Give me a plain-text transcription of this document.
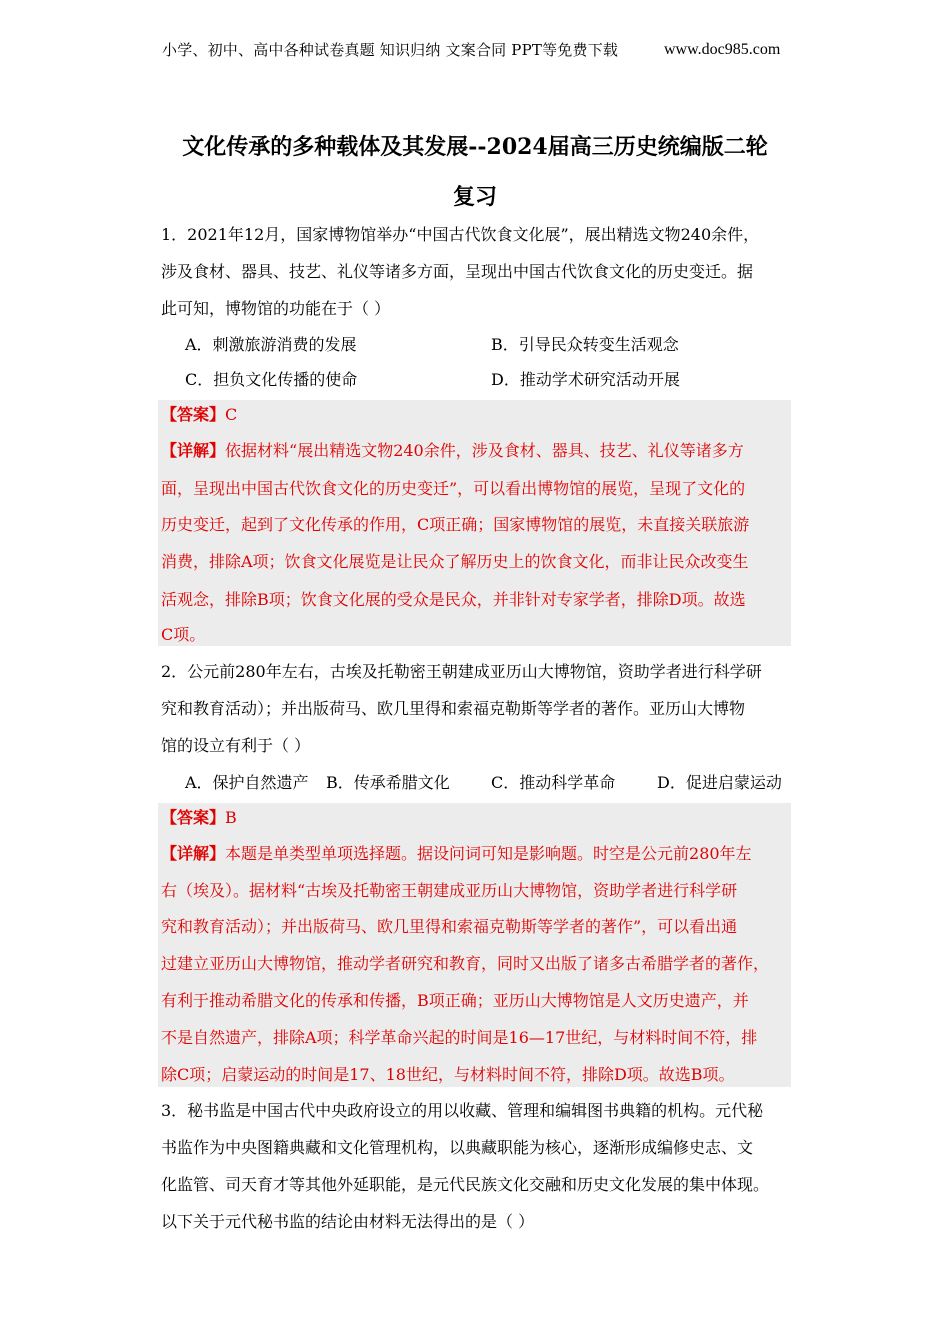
小学、初中、高中各种试卷真题 知识归纳 文案合同 PPT等免费下载	www.doc985.com
文化传承的多种载体及其发展--2024届高三历史统编版二轮
复习
1．2021年12月，国家博物馆举办“中国古代饮食文化展”，展出精选文物240余件，
涉及食材、器具、技艺、礼仪等诸多方面，呈现出中国古代饮食文化的历史变迁。据
此可知，博物馆的功能在于（ ）
A．刺激旅游消费的发展	B．引导民众转变生活观念
C．担负文化传播的使命	D．推动学术研究活动开展
【答案】C
【详解】依据材料“展出精选文物240余件，涉及食材、器具、技艺、礼仪等诸多方
面，呈现出中国古代饮食文化的历史变迁”，可以看出博物馆的展览，呈现了文化的
历史变迁，起到了文化传承的作用，C项正确；国家博物馆的展览，未直接关联旅游
消费，排除A项；饮食文化展览是让民众了解历史上的饮食文化，而非让民众改变生
活观念，排除B项；饮食文化展的受众是民众，并非针对专家学者，排除D项。故选
C项。
2．公元前280年左右，古埃及托勒密王朝建成亚历山大博物馆，资助学者进行科学研
究和教育活动）；并出版荷马、欧几里得和索福克勒斯等学者的著作。亚历山大博物
馆的设立有利于（ ）
A．保护自然遗产 B．传承希腊文化	C．推动科学革命	D．促进启蒙运动
【答案】B
【详解】本题是单类型单项选择题。据设问词可知是影响题。时空是公元前280年左
右（埃及）。据材料“古埃及托勒密王朝建成亚历山大博物馆，资助学者进行科学研
究和教育活动）；并出版荷马、欧几里得和索福克勒斯等学者的著作”，可以看出通
过建立亚历山大博物馆，推动学者研究和教育，同时又出版了诸多古希腊学者的著作，
有利于推动希腊文化的传承和传播，B项正确；亚历山大博物馆是人文历史遗产，并
不是自然遗产，排除A项；科学革命兴起的时间是16—17世纪，与材料时间不符，排
除C项；启蒙运动的时间是17、18世纪，与材料时间不符，排除D项。故选B项。
3．秘书监是中国古代中央政府设立的用以收藏、管理和编辑图书典籍的机构。元代秘
书监作为中央图籍典藏和文化管理机构，以典藏职能为核心，逐渐形成编修史志、文
化监管、司天育才等其他外延职能，是元代民族文化交融和历史文化发展的集中体现。
以下关于元代秘书监的结论由材料无法得出的是（ ）
